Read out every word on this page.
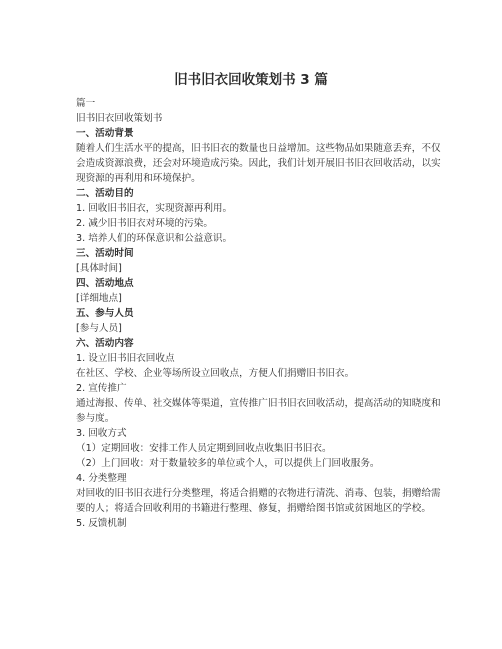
旧书旧衣回收策划书 3 篇

篇一

旧书旧衣回收策划书

一、活动背景

随着人们生活水平的提高，旧书旧衣的数量也日益增加。这些物品如果随意丢弃，不仅会造成资源浪费，还会对环境造成污染。因此，我们计划开展旧书旧衣回收活动，以实现资源的再利用和环境保护。

二、活动目的

1. 回收旧书旧衣，实现资源再利用。

2. 减少旧书旧衣对环境的污染。

3. 培养人们的环保意识和公益意识。

三、活动时间

[具体时间]

四、活动地点

[详细地点]

五、参与人员

[参与人员]

六、活动内容

1. 设立旧书旧衣回收点

在社区、学校、企业等场所设立回收点，方便人们捐赠旧书旧衣。

2. 宣传推广

通过海报、传单、社交媒体等渠道，宣传推广旧书旧衣回收活动，提高活动的知晓度和参与度。

3. 回收方式

（1）定期回收：安排工作人员定期到回收点收集旧书旧衣。

（2）上门回收：对于数量较多的单位或个人，可以提供上门回收服务。

4. 分类整理

对回收的旧书旧衣进行分类整理，将适合捐赠的衣物进行清洗、消毒、包装，捐赠给需要的人；将适合回收利用的书籍进行整理、修复，捐赠给图书馆或贫困地区的学校。

5. 反馈机制
